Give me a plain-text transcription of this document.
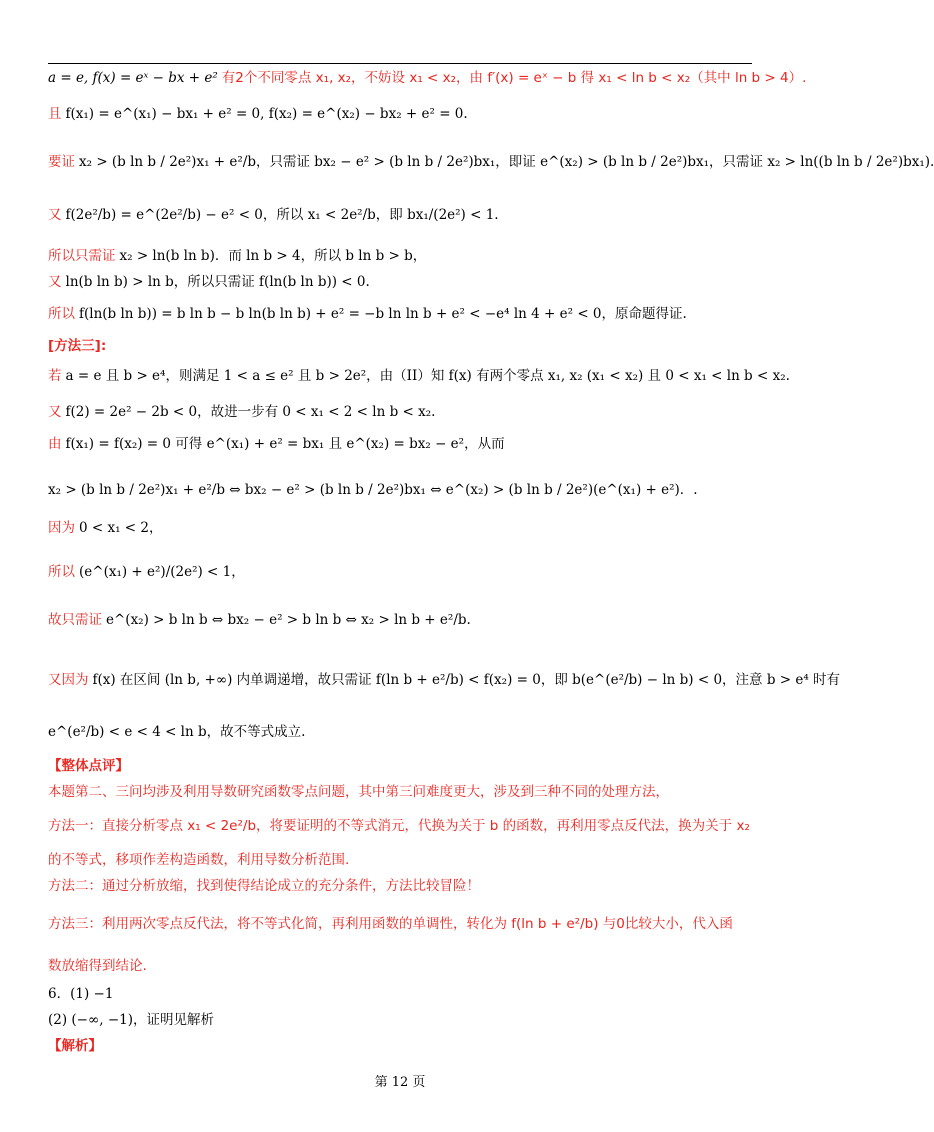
a = e, f(x) = eˣ − bx + e² 有2个不同零点 x₁, x₂，不妨设 x₁ < x₂，由 f′(x) = eˣ − b 得 x₁ < ln b < x₂（其中 ln b > 4）.
且 f(x₁) = e^(x₁) − bx₁ + e² = 0, f(x₂) = e^(x₂) − bx₂ + e² = 0.
要证 x₂ > (b ln b / 2e²)x₁ + e²/b，只需证 bx₂ − e² > (b ln b / 2e²)bx₁，即证 e^(x₂) > (b ln b / 2e²)bx₁，只需证 x₂ > ln((b ln b / 2e²)bx₁).
又 f(2e²/b) = e^(2e²/b) − e² < 0，所以 x₁ < 2e²/b，即 bx₁/(2e²) < 1.
所以只需证 x₂ > ln(b ln b)．而 ln b > 4，所以 b ln b > b，
又 ln(b ln b) > ln b，所以只需证 f(ln(b ln b)) < 0.
所以 f(ln(b ln b)) = b ln b − b ln(b ln b) + e² = −b ln ln b + e² < −e⁴ ln 4 + e² < 0，原命题得证.
[方法三]:
若 a = e 且 b > e⁴，则满足 1 < a ≤ e² 且 b > 2e²，由（II）知 f(x) 有两个零点 x₁, x₂ (x₁ < x₂) 且 0 < x₁ < ln b < x₂.
又 f(2) = 2e² − 2b < 0，故进一步有 0 < x₁ < 2 < ln b < x₂.
由 f(x₁) = f(x₂) = 0 可得 e^(x₁) + e² = bx₁ 且 e^(x₂) = bx₂ − e²，从而
x₂ > (b ln b / 2e²)x₁ + e²/b ⇔ bx₂ − e² > (b ln b / 2e²)bx₁ ⇔ e^(x₂) > (b ln b / 2e²)(e^(x₁) + e²)．.
因为 0 < x₁ < 2，
所以 (e^(x₁) + e²)/(2e²) < 1，
故只需证 e^(x₂) > b ln b ⇔ bx₂ − e² > b ln b ⇔ x₂ > ln b + e²/b.
又因为 f(x) 在区间 (ln b, +∞) 内单调递增，故只需证 f(ln b + e²/b) < f(x₂) = 0，即 b(e^(e²/b) − ln b) < 0，注意 b > e⁴ 时有
e^(e²/b) < e < 4 < ln b，故不等式成立.
【整体点评】
本题第二、三问均涉及利用导数研究函数零点问题，其中第三问难度更大，涉及到三种不同的处理方法，
方法一：直接分析零点 x₁ < 2e²/b，将要证明的不等式消元，代换为关于 b 的函数，再利用零点反代法，换为关于 x₂
的不等式，移项作差构造函数，利用导数分析范围.
方法二：通过分析放缩，找到使得结论成立的充分条件，方法比较冒险！
方法三：利用两次零点反代法，将不等式化简，再利用函数的单调性，转化为 f(ln b + e²/b) 与0比较大小，代入函
数放缩得到结论.
6．(1) −1
(2) (−∞, −1)，证明见解析
【解析】
第 12 页
